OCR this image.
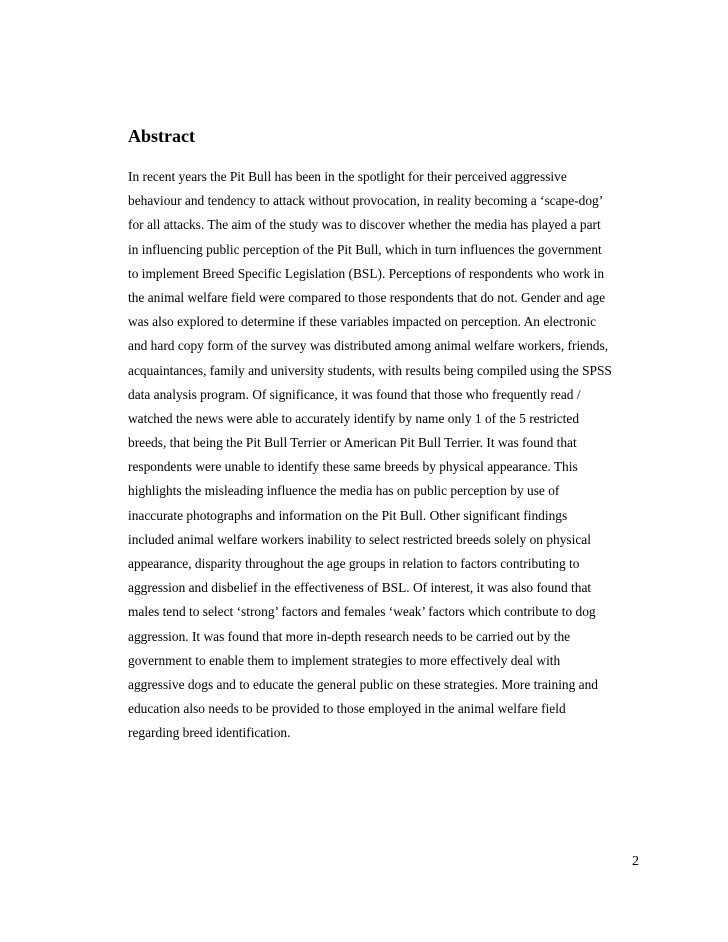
Abstract
In recent years the Pit Bull has been in the spotlight for their perceived aggressive
behaviour and tendency to attack without provocation, in reality becoming a ‘scape-dog’
for all attacks. The aim of the study was to discover whether the media has played a part
in influencing public perception of the Pit Bull, which in turn influences the government
to implement Breed Specific Legislation (BSL). Perceptions of respondents who work in
the animal welfare field were compared to those respondents that do not. Gender and age
was also explored to determine if these variables impacted on perception. An electronic
and hard copy form of the survey was distributed among animal welfare workers, friends,
acquaintances, family and university students, with results being compiled using the SPSS
data analysis program. Of significance, it was found that those who frequently read /
watched the news were able to accurately identify by name only 1 of the 5 restricted
breeds, that being the Pit Bull Terrier or American Pit Bull Terrier. It was found that
respondents were unable to identify these same breeds by physical appearance. This
highlights the misleading influence the media has on public perception by use of
inaccurate photographs and information on the Pit Bull. Other significant findings
included animal welfare workers inability to select restricted breeds solely on physical
appearance, disparity throughout the age groups in relation to factors contributing to
aggression and disbelief in the effectiveness of BSL. Of interest, it was also found that
males tend to select ‘strong’ factors and females ‘weak’ factors which contribute to dog
aggression. It was found that more in-depth research needs to be carried out by the
government to enable them to implement strategies to more effectively deal with
aggressive dogs and to educate the general public on these strategies. More training and
education also needs to be provided to those employed in the animal welfare field
regarding breed identification.
2
